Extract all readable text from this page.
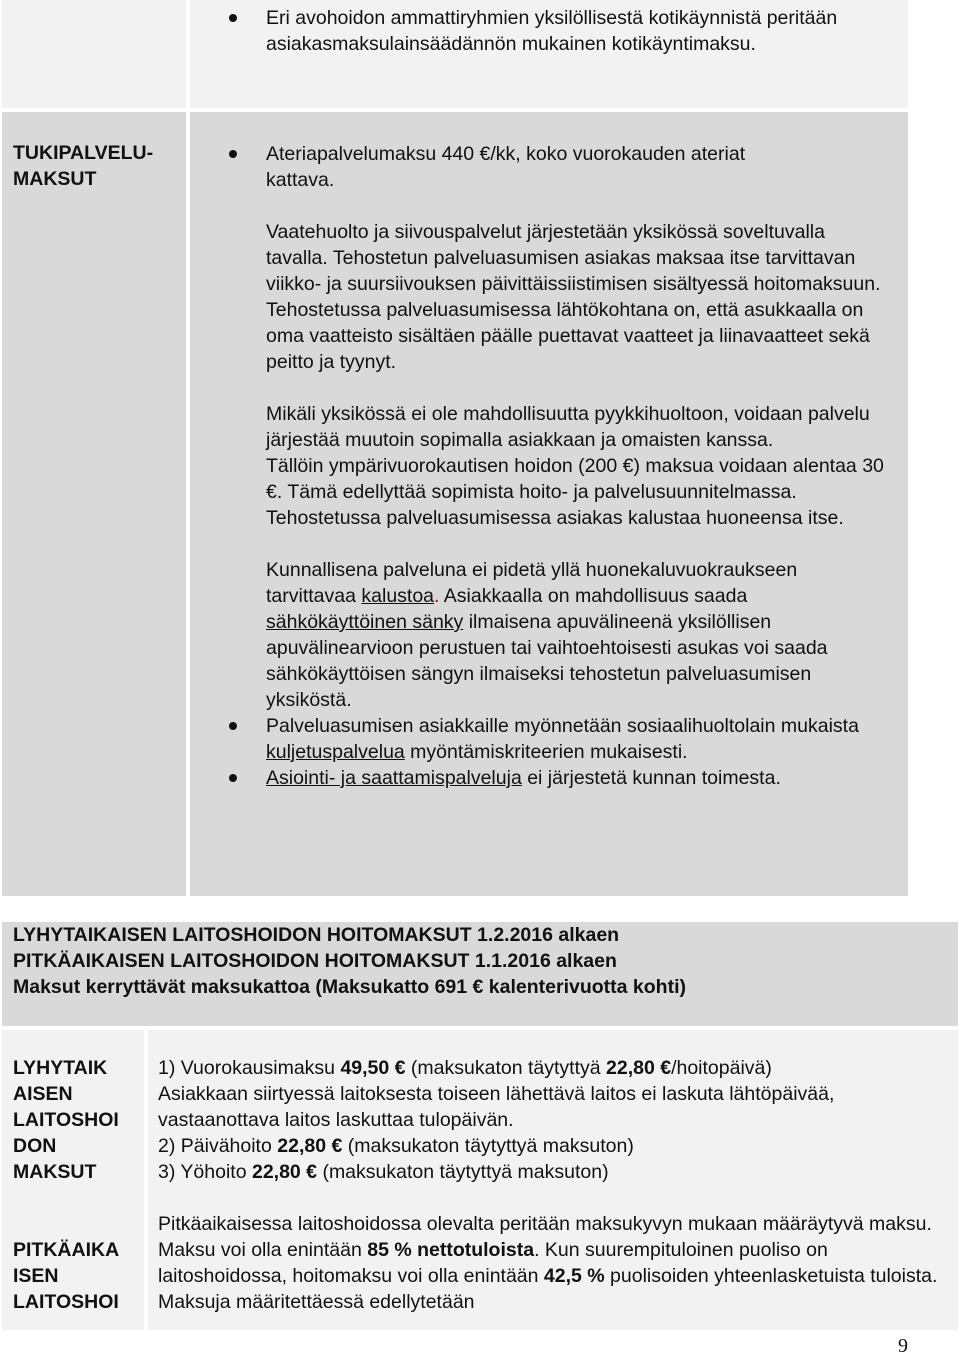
Eri avohoidon ammattiryhmien yksilöllisestä kotikäynnistä peritään asiakasmaksulainsäädännön mukainen kotikäyntimaksu.
TUKIPALVELU-
MAKSUT
Ateriapalvelumaksu 440 €/kk, koko vuorokauden ateriat
kattava.

Vaatehuolto ja siivouspalvelut järjestetään yksikössä soveltuvalla tavalla. Tehostetun palveluasumisen asiakas maksaa itse tarvittavan viikko- ja suursiivouksen päivittäissiistimisen sisältyessä hoitomaksuun. Tehostetussa palveluasumisessa lähtökohtana on, että asukkaalla on oma vaatteisto sisältäen päälle puettavat vaatteet ja liinavaatteet sekä peitto ja tyynyt.

Mikäli yksikössä ei ole mahdollisuutta pyykkihuoltoon, voidaan palvelu järjestää muutoin sopimalla asiakkaan ja omaisten kanssa.

Tällöin ympärivuorokautisen hoidon (200 €) maksua voidaan alentaa 30 €. Tämä edellyttää sopimista hoito- ja palvelusuunnitelmassa. Tehostetussa palveluasumisessa asiakas kalustaa huoneensa itse.

Kunnallisena palveluna ei pidetä yllä huonekaluvuokraukseen tarvittavaa kalustoa. Asiakkaalla on mahdollisuus saada sähkökäyttöinen sänky ilmaisena apuvälineenä yksilöllisen apuvälinearvioon perustuen tai vaihtoehtoisesti asukas voi saada sähkökäyttöisen sängyn ilmaiseksi tehostetun palveluasumisen yksiköstä.

Palveluasumisen asiakkaille myönnetään sosiaalihuoltolain mukaista kuljetuspalvelua myöntämiskriteerien mukaisesti.
Asiointi- ja saattamispalveluja ei järjestetä kunnan toimesta.
LYHYTAIKAISEN LAITOSHOIDON HOITOMAKSUT 1.2.2016 alkaen
PITKÄAIKAISEN LAITOSHOIDON HOITOMAKSUT 1.1.2016 alkaen
Maksut kerryttävät maksukattoa (Maksukatto 691 € kalenterivuotta kohti)
LYHYTAIK
AISEN
LAITOSHOI
DON
MAKSUT
PITKÄAIKA
ISEN
LAITOSHOI
1) Vuorokausimaksu 49,50 € (maksukaton täytyttyä 22,80 €/hoitopäivä)
Asiakkaan siirtyessä laitoksesta toiseen lähettävä laitos ei laskuta lähtöpäivää, vastaanottava laitos laskuttaa tulopäivän.
2) Päivähoito 22,80 € (maksukaton täytyttyä maksuton)
3) Yöhoito 22,80 € (maksukaton täytyttyä maksuton)
Pitkäaikaisessa laitoshoidossa olevalta peritään maksukyvyn mukaan määräytyvä maksu. Maksu voi olla enintään 85 % nettotuloista. Kun suurempituloinen puoliso on laitoshoidossa, hoitomaksu voi olla enintään 42,5 % puolisoiden yhteenlasketuista tuloista. Maksuja määritettäessä edellytetään
9
